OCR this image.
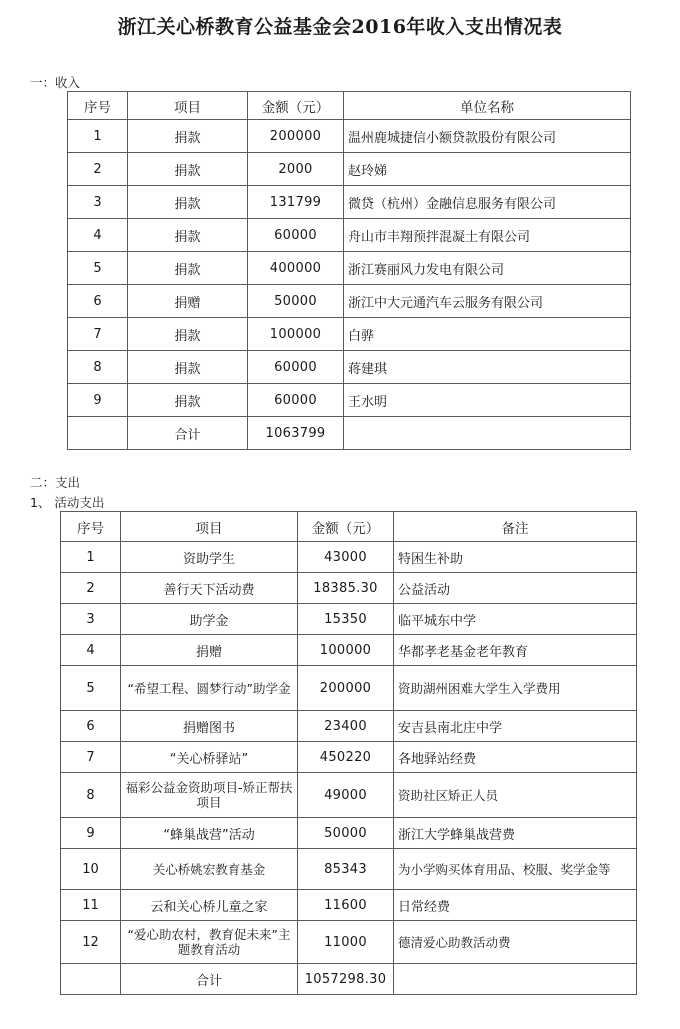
浙江关心桥教育公益基金会2016年收入支出情况表
一：收入
序号	项目	金额（元）	单位名称
1	捐款	200000	温州鹿城捷信小额贷款股份有限公司
2	捐款	2000	赵玲娣
3	捐款	131799	微贷（杭州）金融信息服务有限公司
4	捐款	60000	舟山市丰翔预拌混凝土有限公司
5	捐款	400000	浙江赛丽风力发电有限公司
6	捐赠	50000	浙江中大元通汽车云服务有限公司
7	捐款	100000	白骅
8	捐款	60000	蒋建琪
9	捐款	60000	王水明
	合计	1063799	
二：支出
1、 活动支出
序号	项目	金额（元）	备注
1	资助学生	43000	特困生补助
2	善行天下活动费	18385.30	公益活动
3	助学金	15350	临平城东中学
4	捐赠	100000	华都孝老基金老年教育
5	“希望工程、圆梦行动”助学金	200000	资助湖州困难大学生入学费用
6	捐赠图书	23400	安吉县南北庄中学
7	“关心桥驿站”	450220	各地驿站经费
8	福彩公益金资助项目-矫正帮扶项目	49000	资助社区矫正人员
9	“蜂巢战营”活动	50000	浙江大学蜂巢战营费
10	关心桥姚宏教育基金	85343	为小学购买体育用品、校服、奖学金等
11	云和关心桥儿童之家	11600	日常经费
12	“爱心助农村，教育促未来”主题教育活动	11000	德清爱心助教活动费
	合计	1057298.30	
